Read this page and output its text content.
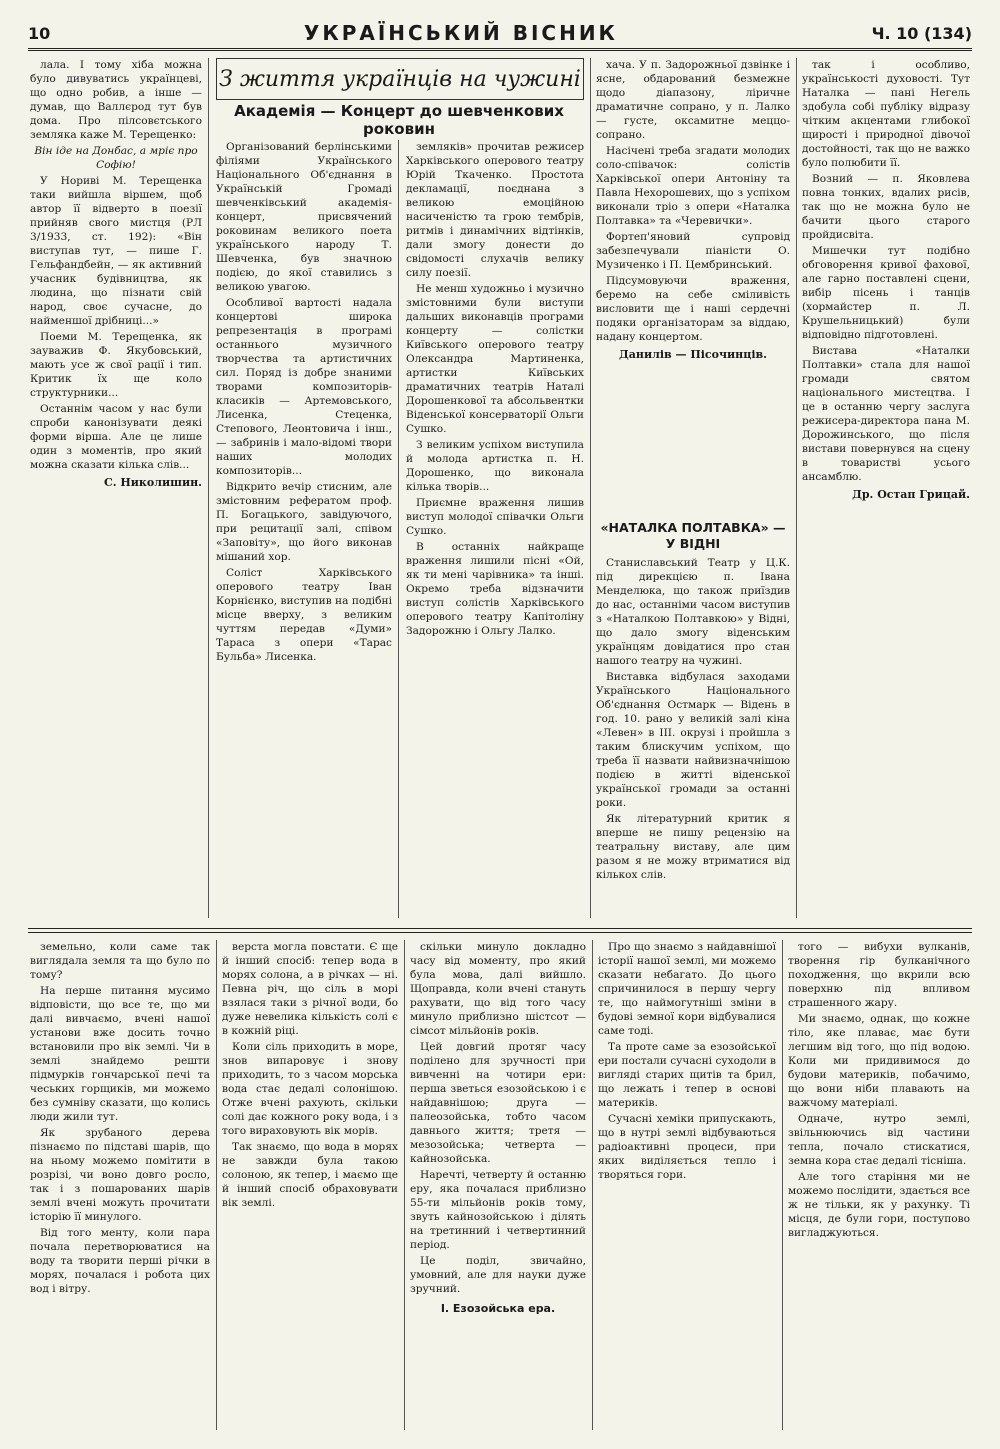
10	УКРАЇНСЬКИЙ ВІСНИК	Ч. 10 (134)

лала. І тому хіба можна було дивуватись українцеві, що одно робив, а інше — думав, що Валлєрод тут був дома. Про пілсовєтського земляка каже М. Терещенко:

Він іде на Донбас, а мріє про Софію!

У Нориві М. Терещенка таки вийшла віршем, щоб автор її відверто в поезії прийняв свого мистця (РЛ 3/1933, ст. 192): «Він виступав тут, — пише Г. Гельфандбейн, — як активний учасник будівництва, як людина, що пізнати свій народ, своє сучасне, до найменшої дрібниці...»

Поеми М. Терещенка, як зауважив Ф. Якубовський, мають усе ж свої рації і тип. Критик їх ще коло структурники...

Останнім часом у нас були спроби канонізувати деякі форми вірша. Але це лише один з моментів, про який можна сказати кілька слів...

С. Николишин.
З життя українців на чужині
Академія — Концерт до шевченкових роковин

Організований берлінськими філіями Українського Національного Об'єднання в Українській Громаді шевченківський академія-концерт, присвячений роковинам великого поета українського народу Т. Шевченка, був значною подією, до якої ставились з великою увагою.

Особливої вартості надала концертові широка репрезентація в програмі останнього музичного творчества та артистичних сил. Поряд із добре знаними творами композиторів-класиків — Артемовського, Лисенка, Стеценка, Степового, Леонтовича і інш., — забринів і мало-відомі твори наших молодих композиторів...

Відкрито вечір стисним, але змістовним рефератом проф. П. Богацького, завідуючого, при рецитації залі, співом «Заповіту», що його виконав мішаний хор.

Соліст Харківського оперового театру Іван Корнієнко, виступив на подібні місце вверху, з великим чуттям передав «Думи» Тараса з опери «Тарас Бульба» Лисенка.

земляків» прочитав режисер Харківського оперового театру Юрій Ткаченко. Простота декламації, поєднана з великою емоційною насиченістю та грою тембрів, ритмів і динамічних відтінків, дали змогу донести до свідомості слухачів велику силу поезії.

Не менш художньо і музично змістовними були виступи дальших виконавців програми концерту — солістки Київського оперового театру Олександра Мартиненка, артистки Київських драматичних театрів Наталі Дорошенкової та абсольвентки Віденської консерваторії Ольги Сушко.

З великим успіхом виступила й молода артистка п. Н. Дорошенко, що виконала кілька творів...

Приємне враження лишив виступ молодої співачки Ольги Сушко.

В останніх найкраще враження лишили пісні «Ой, як ти мені чарівника» та інші. Окремо треба відзначити виступ солістів Харківського оперового театру Капітоліну Задорожню і Ольгу Лалко.

хача. У п. Задорожньої дзвінке і ясне, обдарований безмежне щодо діапазону, ліричне драматичне сопрано, у п. Лалко — густе, оксамитне меццо-сопрано.

Насічені треба згадати молодих соло-співачок: солістів Харківської опери Антоніну та Павла Нехорошевих, що з успіхом виконали тріо з опери «Наталка Полтавка» та «Черевички».

Фортеп'яновий супровід забезпечували піаністи О. Музиченко і П. Цембринський.

Підсумовуючи враження, беремо на себе сміливість висловити ще і наші сердечні подяки організаторам за віддаю, надану концертом.

Данилів — Пісочинців.
«НАТАЛКА ПОЛТАВКА» — У ВІДНІ

Станиславський Театр у Ц.К. під дирекцією п. Івана Менделюка, що також приїздив до нас, останніми часом виступив з «Наталкою Полтавкою» у Відні, що дало змогу віденським українцям довідатися про стан нашого театру на чужині.

Виставка відбулася заходами Українського Національного Об'єднання Остмарк — Відень в год. 10. рано у великій залі кіна «Левен» в III. окрузі і пройшла з таким блискучим успіхом, що треба її назвати найвизначнішою подією в житті віденської української громади за останні роки.

Як літературний критик я вперше не пишу рецензію на театральну виставу, але цим разом я не можу втриматися від кількох слів.

так і особливо, українськості духовості. Тут Наталка — пані Негель здобула собі публіку відразу чітким акцентами глибокої щирості і природної дівочої достойності, так що не важко було полюбити її.

Возний — п. Яковлева повна тонких, вдалих рисів, так що не можна було не бачити цього старого пройдисвіта.

Мишечки тут подібно обговорення кривої фахової, але гарно поставлені сцени, вибір пісень і танців (хормайстер п. Л. Крушельницький) були відповідно підготовлені.

Вистава «Наталки Полтавки» стала для нашої громади святом національного мистецтва. І це в останню чергу заслуга режисера-директора пана М. Дорожинського, що після вистави повернувся на сцену в товаристві усього ансамблю.

Др. Остап Грицай.

земельно, коли саме так виглядала земля та що було по тому?

На перше питання мусимо відповісти, що все те, що ми далі вивчаємо, вчені нашої установи вже досить точно встановили про вік землі. Чи в землі знайдемо решти підмурків гончарської печі та чеських горщиків, ми можемо без сумніву сказати, що колись люди жили тут.

Як зрубаного дерева пізнаємо по підставі шарів, що на ньому можемо помітити в розрізі, чи воно довго росло, так і з пошарованих шарів землі вчені можуть прочитати історію її минулого.

Від того менту, коли пара почала перетворюватися на воду та творити перші річки в морях, почалася і робота цих вод і вітру.

верста могла повстати. Є ще й інший спосіб: тепер вода в морях солона, а в річках — ні. Певна річ, що сіль в морі взялася таки з річної води, бо дуже невелика кількість солі є в кожній ріці.

Коли сіль приходить в море, знов випаровує і знову приходить, то з часом морська вода стає дедалі солонішою. Отже вчені рахують, скільки солі дає кожного року вода, і з того вираховують вік морів.

Так знаємо, що вода в морях не завжди була такою солоною, як тепер, і маємо ще й інший спосіб обраховувати вік землі.

скільки минуло докладно часу від моменту, про який була мова, далі вийшло. Щоправда, коли вчені стануть рахувати, що від того часу минуло приблизно шістсот — сімсот мільйонів років.

Цей довгий протяг часу поділено для зручності при вивченні на чотири ери: перша зветься езозойською і є найдавнішою; друга — палеозойська, тобто часом давнього життя; третя — мезозойська; четверта — кайнозойська.

Наречті, четверту й останню еру, яка почалася приблизно 55-ти мільйонів років тому, звуть кайнозойською і ділять на третинний і четвертинний період.

Це поділ, звичайно, умовний, але для науки дуже зручний.

І. Езозойська ера.

Про що знаємо з найдавнішої історії нашої землі, ми можемо сказати небагато. До цього спричинилося в першу чергу те, що наймогутніші зміни в будові земної кори відбувалися саме тоді.

Та проте саме за езозойської ери постали сучасні суходоли в вигляді старих щитів та брил, що лежать і тепер в основі материків.

Сучасні хеміки припускають, що в нутрі землі відбуваються радіоактивні процеси, при яких виділяється тепло і творяться гори.

того — вибухи вулканів, творення гір булканічного походження, що вкрили всю поверхню під впливом страшенного жару.

Ми знаємо, однак, що кожне тіло, яке плаває, має бути легшим від того, що під водою. Коли ми придивимося до будови материків, побачимо, що вони ніби плавають на важчому матеріалі.

Одначе, нутро землі, звільнюючись від частини тепла, почало стискатися, земна кора стає дедалі тісніша.

Але того старіння ми не можемо послідити, здається все ж не тільки, як у рахунку. Ті місця, де були гори, поступово вигладжуються.
